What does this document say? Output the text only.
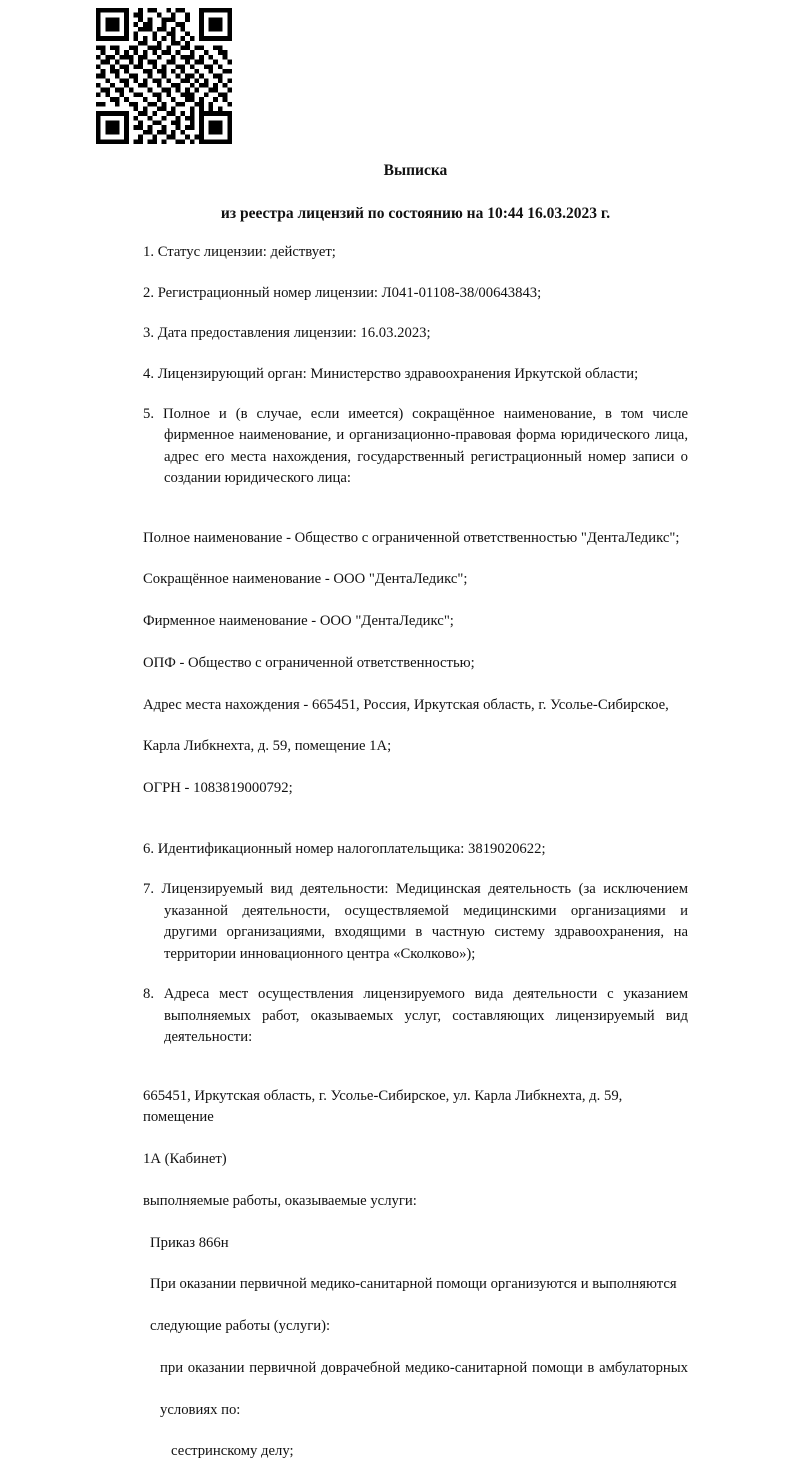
Выписка
из реестра лицензий по состоянию на 10:44 16.03.2023 г.
1. Статус лицензии: действует;
2. Регистрационный номер лицензии: Л041-01108-38/00643843;
3. Дата предоставления лицензии: 16.03.2023;
4. Лицензирующий орган: Министерство здравоохранения Иркутской области;
5. Полное и (в случае, если имеется) сокращённое наименование, в том числе фирменное наименование, и организационно-правовая форма юридического лица, адрес его места нахождения, государственный регистрационный номер записи о создании юридического лица:

Полное наименование - Общество с ограниченной ответственностью "ДентаЛедикс";

Сокращённое наименование - ООО "ДентаЛедикс";

Фирменное наименование - ООО "ДентаЛедикс";

ОПФ - Общество с ограниченной ответственностью;

Адрес места нахождения - 665451, Россия, Иркутская область, г. Усолье-Сибирское,

Карла Либкнехта, д. 59, помещение 1А;

ОГРН - 1083819000792;

6. Идентификационный номер налогоплательщика: 3819020622;
7. Лицензируемый вид деятельности: Медицинская деятельность (за исключением указанной деятельности, осуществляемой медицинскими организациями и другими организациями, входящими в частную систему здравоохранения, на территории инновационного центра «Сколково»);
8. Адреса мест осуществления лицензируемого вида деятельности с указанием выполняемых работ, оказываемых услуг, составляющих лицензируемый вид деятельности:

665451, Иркутская область, г. Усолье-Сибирское, ул. Карла Либкнехта, д. 59, помещение

1А (Кабинет)

выполняемые работы, оказываемые услуги:

Приказ 866н

При оказании первичной медико-санитарной помощи организуются и выполняются

следующие работы (услуги):

при оказании первичной доврачебной медико-санитарной помощи в амбулаторных

условиях по:

сестринскому делу;
